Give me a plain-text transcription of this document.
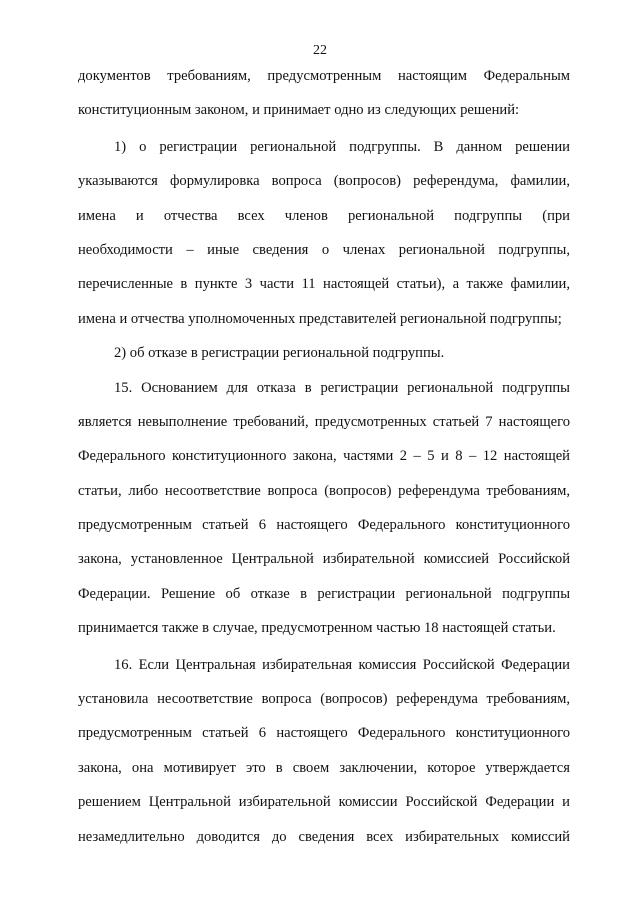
22
документов требованиям, предусмотренным настоящим Федеральным
конституционным законом, и принимает одно из следующих решений:
1) о регистрации региональной подгруппы. В данном решении
указываются формулировка вопроса (вопросов) референдума, фамилии,
имена и отчества всех членов региональной подгруппы (при
необходимости – иные сведения о членах региональной подгруппы,
перечисленные в пункте 3 части 11 настоящей статьи), а также фамилии,
имена и отчества уполномоченных представителей региональной подгруппы;
2) об отказе в регистрации региональной подгруппы.
15. Основанием для отказа в регистрации региональной подгруппы
является невыполнение требований, предусмотренных статьей 7 настоящего
Федерального конституционного закона, частями 2 – 5 и 8 – 12 настоящей
статьи, либо несоответствие вопроса (вопросов) референдума требованиям,
предусмотренным статьей 6 настоящего Федерального конституционного
закона, установленное Центральной избирательной комиссией Российской
Федерации. Решение об отказе в регистрации региональной подгруппы
принимается также в случае, предусмотренном частью 18 настоящей статьи.
16. Если Центральная избирательная комиссия Российской Федерации
установила несоответствие вопроса (вопросов) референдума требованиям,
предусмотренным статьей 6 настоящего Федерального конституционного
закона, она мотивирует это в своем заключении, которое утверждается
решением Центральной избирательной комиссии Российской Федерации и
незамедлительно доводится до сведения всех избирательных комиссий
